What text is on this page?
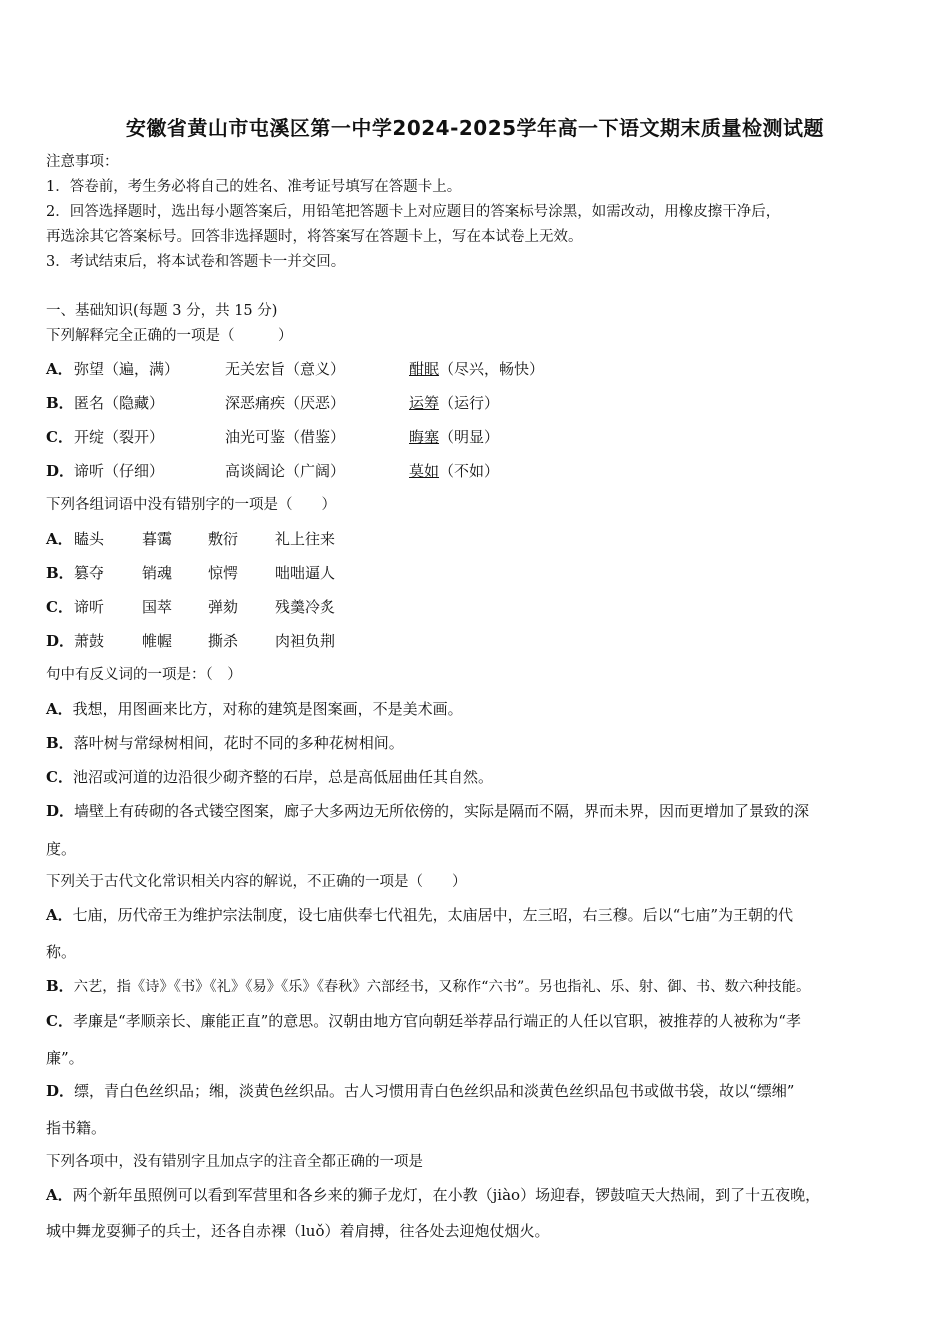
安徽省黄山市屯溪区第一中学2024-2025学年高一下语文期末质量检测试题
注意事项：
1．答卷前，考生务必将自己的姓名、准考证号填写在答题卡上。
2．回答选择题时，选出每小题答案后，用铅笔把答题卡上对应题目的答案标号涂黑，如需改动，用橡皮擦干净后，
再选涂其它答案标号。回答非选择题时，将答案写在答题卡上，写在本试卷上无效。
3．考试结束后，将本试卷和答题卡一并交回。
一、基础知识(每题 3 分，共 15 分)
下列解释完全正确的一项是（　　　）
A． 弥望（遍，满）	无关宏旨（意义）	酣眠（尽兴，畅快）
B． 匿名（隐藏）	深恶痛疾（厌恶）	运筹（运行）
C． 开绽（裂开）	油光可鉴（借鉴）	晦塞（明显）
D． 谛听（仔细）	高谈阔论（广阔）	莫如（不如）
下列各组词语中没有错别字的一项是（　　）
A． 瞌头	暮霭 敷衍 礼上往来
B． 篡夺	销魂 惊愕 咄咄逼人
C． 谛听	国萃 弹劾 残羹冷炙
D． 萧鼓	帷幄 撕杀 肉袒负荆
句中有反义词的一项是：（　）
A．我想，用图画来比方，对称的建筑是图案画，不是美术画。
B．落叶树与常绿树相间，花时不同的多种花树相间。
C．池沼或河道的边沿很少砌齐整的石岸，总是高低屈曲任其自然。
D．墙壁上有砖砌的各式镂空图案，廊子大多两边无所依傍的，实际是隔而不隔，界而未界，因而更增加了景致的深
度。
下列关于古代文化常识相关内容的解说，不正确的一项是（　　）
A．七庙，历代帝王为维护宗法制度，设七庙供奉七代祖先，太庙居中，左三昭，右三穆。后以“七庙”为王朝的代
称。
B．六艺，指《诗》《书》《礼》《易》《乐》《春秋》六部经书，又称作“六书”。另也指礼、乐、射、御、书、数六种技能。
C．孝廉是“孝顺亲长、廉能正直”的意思。汉朝由地方官向朝廷举荐品行端正的人任以官职，被推荐的人被称为“孝
廉”。
D．缥，青白色丝织品；缃，淡黄色丝织品。古人习惯用青白色丝织品和淡黄色丝织品包书或做书袋，故以“缥缃”
指书籍。
下列各项中，没有错别字且加点字的注音全都正确的一项是
A．两个新年虽照例可以看到军营里和各乡来的狮子龙灯，在小教（jiào）场迎春，锣鼓喧天大热闹，到了十五夜晚，
城中舞龙耍狮子的兵士，还各自赤裸（luǒ）着肩搏，往各处去迎炮仗烟火。
